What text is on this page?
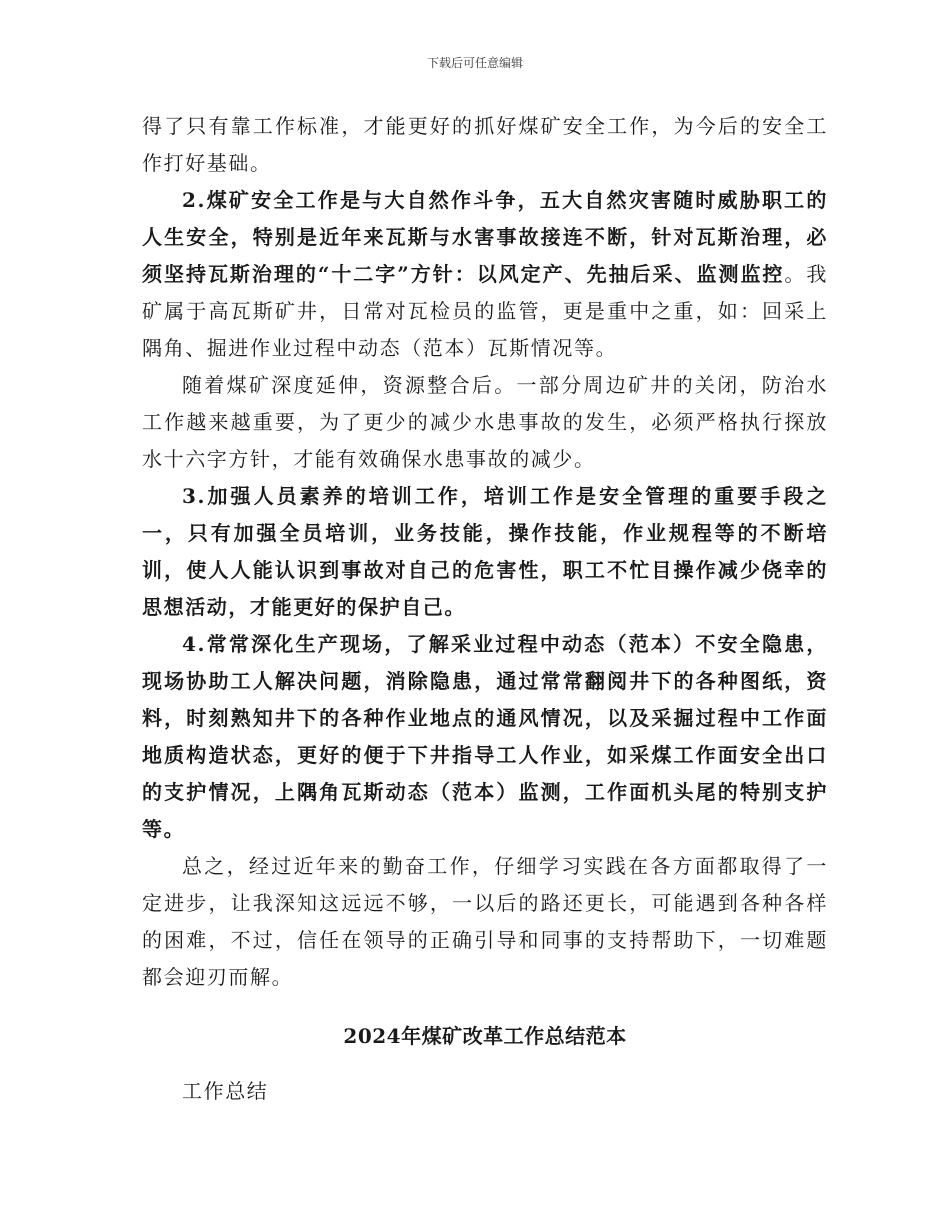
下载后可任意编辑

得了只有靠工作标准，才能更好的抓好煤矿安全工作，为今后的安全工作打好基础。

2.煤矿安全工作是与大自然作斗争，五大自然灾害随时威胁职工的人生安全，特别是近年来瓦斯与水害事故接连不断，针对瓦斯治理，必须坚持瓦斯治理的“十二字”方针：以风定产、先抽后采、监测监控。我矿属于高瓦斯矿井，日常对瓦检员的监管，更是重中之重，如：回采上隅角、掘进作业过程中动态（范本）瓦斯情况等。

随着煤矿深度延伸，资源整合后。一部分周边矿井的关闭，防治水工作越来越重要，为了更少的减少水患事故的发生，必须严格执行探放水十六字方针，才能有效确保水患事故的减少。

3.加强人员素养的培训工作，培训工作是安全管理的重要手段之一，只有加强全员培训，业务技能，操作技能，作业规程等的不断培训，使人人能认识到事故对自己的危害性，职工不忙目操作减少侥幸的思想活动，才能更好的保护自己。

4.常常深化生产现场，了解采业过程中动态（范本）不安全隐患，现场协助工人解决问题，消除隐患，通过常常翻阅井下的各种图纸，资料，时刻熟知井下的各种作业地点的通风情况，以及采掘过程中工作面地质构造状态，更好的便于下井指导工人作业，如采煤工作面安全出口的支护情况，上隅角瓦斯动态（范本）监测，工作面机头尾的特别支护等。

总之，经过近年来的勤奋工作，仔细学习实践在各方面都取得了一定进步，让我深知这远远不够，一以后的路还更长，可能遇到各种各样的困难，不过，信任在领导的正确引导和同事的支持帮助下，一切难题都会迎刃而解。

2024年煤矿改革工作总结范本

工作总结
